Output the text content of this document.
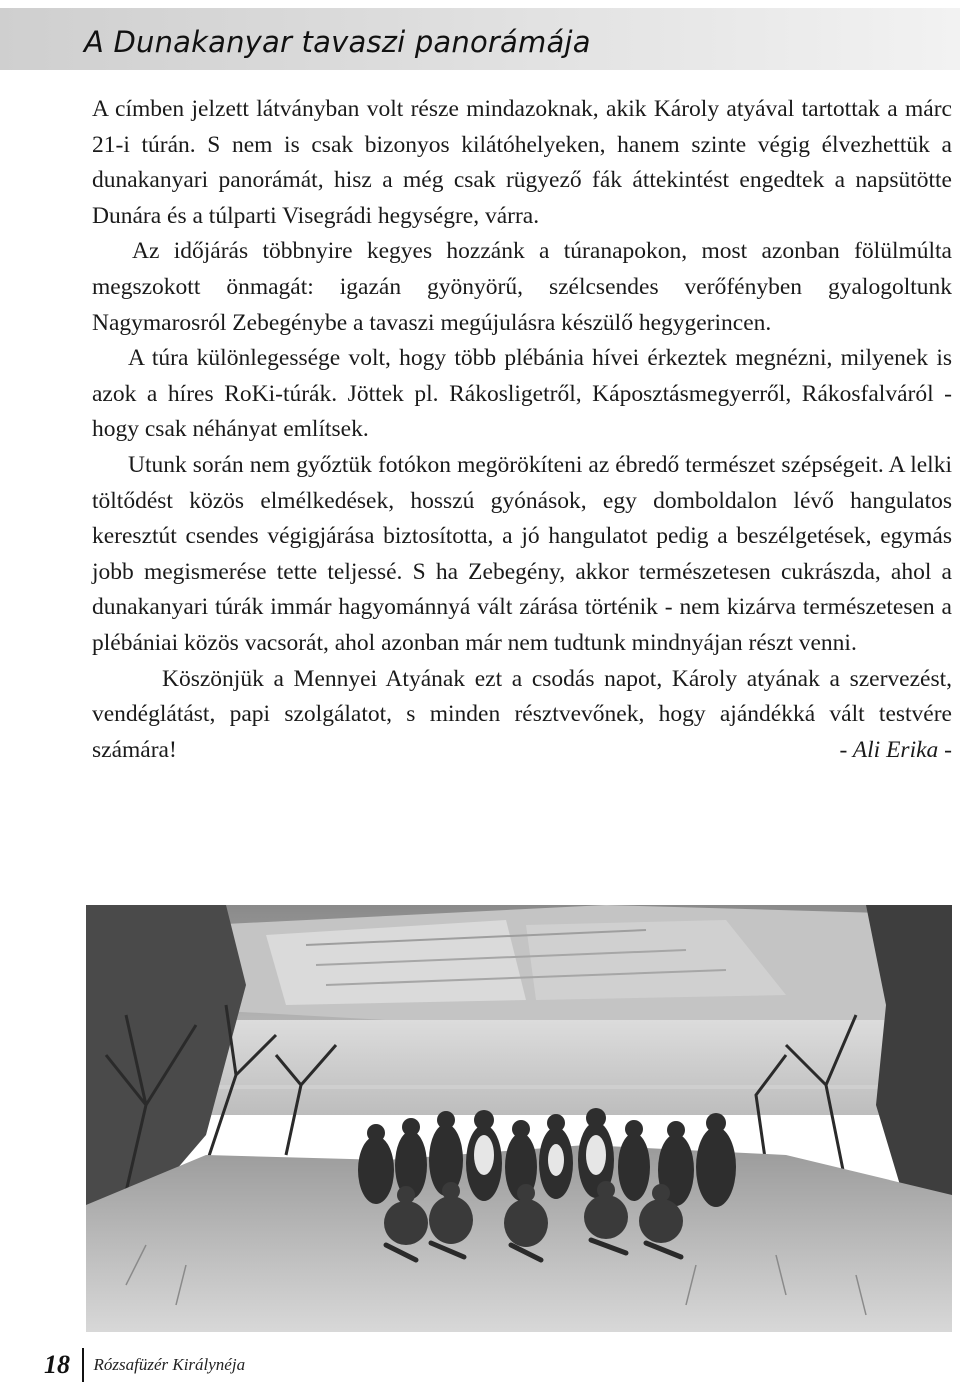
A Dunakanyar tavaszi panorámája

A címben jelzett látványban volt része mindazoknak, akik Károly atyával tartottak a márc 21-i túrán. S nem is csak bizonyos kilátóhelyeken, hanem szinte végig élvezhettük a dunakanyari panorámát, hisz a még csak rügyező fák áttekintést engedtek a napsütötte Dunára és a túlparti Visegrádi hegységre, várra.

Az időjárás többnyire kegyes hozzánk a túranapokon, most azonban fölülmúlta megszokott önmagát: igazán gyönyörű, szélcsendes verőfényben gyalogoltunk Nagymarosról Zebegénybe a tavaszi megújulásra készülő hegygerincen.

A túra különlegessége volt, hogy több plébánia hívei érkeztek megnézni, milyenek is azok a híres RoKi-túrák. Jöttek pl. Rákosligetről, Káposztásmegyerről, Rákosfalváról - hogy csak néhányat említsek.

Utunk során nem győztük fotókon megörökíteni az ébredő természet szépségeit. A lelki töltődést közös elmélkedések, hosszú gyónások, egy domboldalon lévő hangulatos keresztút csendes végigjárása biztosította, a jó hangulatot pedig a beszélgetések, egymás jobb megismerése tette teljessé. S ha Zebegény, akkor természetesen cukrászda, ahol a dunakanyari túrák immár hagyománnyá vált zárása történik - nem kizárva természetesen a plébániai közös vacsorát, ahol azonban már nem tudtunk mindnyájan részt venni.

Köszönjük a Mennyei Atyának ezt a csodás napot, Károly atyának a szervezést, vendéglátást, papi szolgálatot, s minden résztvevőnek, hogy ajándékká vált testvére számára!	- Ali Erika -

18 Rózsafüzér Királynéja
